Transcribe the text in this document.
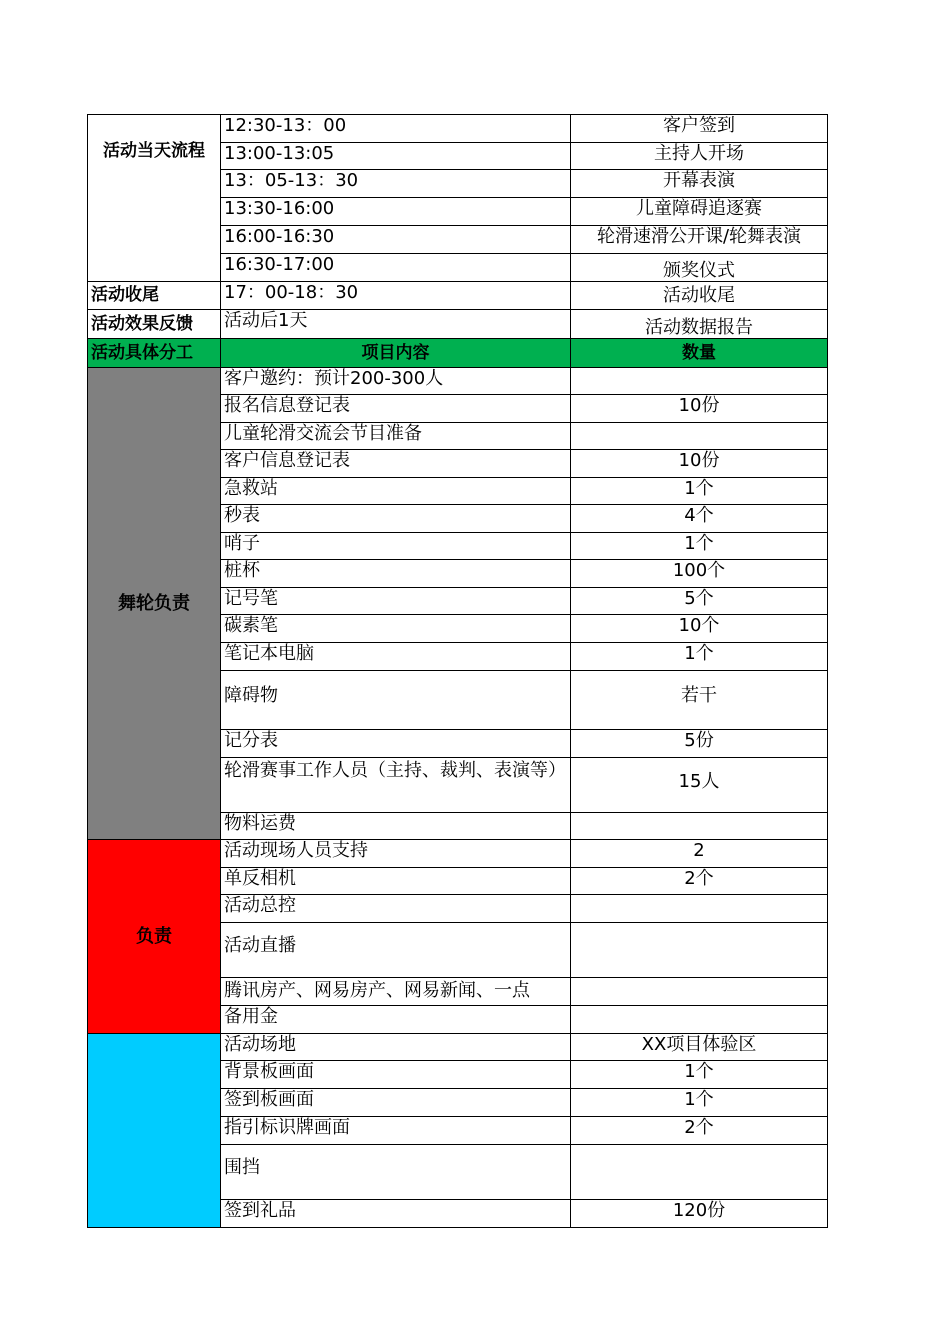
活动当天流程
12:30-13：00	客户签到
13:00-13:05	主持人开场
13：05-13：30	开幕表演
13:30-16:00	儿童障碍追逐赛
16:00-16:30	轮滑速滑公开课/轮舞表演
16:30-17:00	颁奖仪式
活动收尾	17：00-18：30	活动收尾
活动效果反馈 活动后1天	活动数据报告
活动具体分工	项目内容	数量
舞轮负责
负责
客户邀约：预计200-300人
报名信息登记表	10份
儿童轮滑交流会节目准备
客户信息登记表	10份
急救站	1个
秒表	4个
哨子	1个
桩杯	100个
记号笔	5个
碳素笔	10个
笔记本电脑	1个
障碍物	若干
记分表	5份
轮滑赛事工作人员（主持、裁判、表演等）	15人
物料运费
活动现场人员支持	2
单反相机	2个
活动总控
活动直播
腾讯房产、网易房产、网易新闻、一点
备用金
活动场地	XX项目体验区
背景板画面	1个
签到板画面	1个
指引标识牌画面	2个
围挡
签到礼品	120份
